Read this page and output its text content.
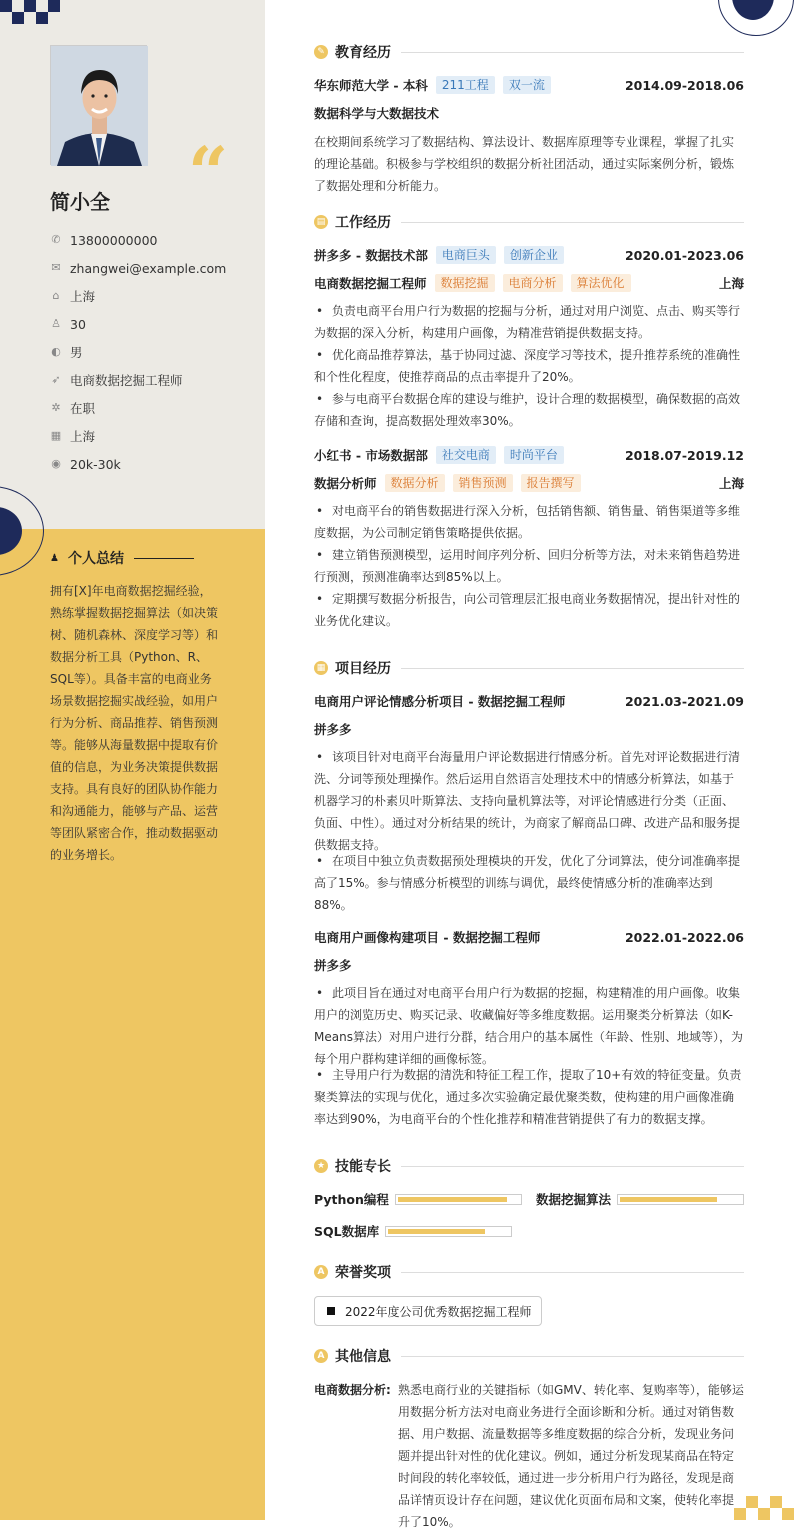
“
简小全
✆ 13800000000
✉ zhangwei@example.com
⌂ 上海
♙ 30
◐ 男
➶ 电商数据挖掘工程师
✲ 在职
▦ 上海
◉ 20k-30k
♟ 个人总结
拥有[X]年电商数据挖掘经验，熟练掌握数据挖掘算法（如决策树、随机森林、深度学习等）和数据分析工具（Python、R、SQL等）。具备丰富的电商业务场景数据挖掘实战经验，如用户行为分析、商品推荐、销售预测等。能够从海量数据中提取有价值的信息，为业务决策提供数据支持。具有良好的团队协作能力和沟通能力，能够与产品、运营等团队紧密合作，推动数据驱动的业务增长。
✎ 教育经历
华东师范大学 - 本科	211工程	双一流	2014.09-2018.06
数据科学与大数据技术
在校期间系统学习了数据结构、算法设计、数据库原理等专业课程，掌握了扎实的理论基础。积极参与学校组织的数据分析社团活动，通过实际案例分析，锻炼了数据处理和分析能力。
▤ 工作经历
拼多多 - 数据技术部	电商巨头	创新企业	2020.01-2023.06
电商数据挖掘工程师	数据挖掘	电商分析	算法优化	上海
• 负责电商平台用户行为数据的挖掘与分析，通过对用户浏览、点击、购买等行为数据的深入分析，构建用户画像，为精准营销提供数据支持。
• 优化商品推荐算法，基于协同过滤、深度学习等技术，提升推荐系统的准确性和个性化程度，使推荐商品的点击率提升了20%。
• 参与电商平台数据仓库的建设与维护，设计合理的数据模型，确保数据的高效存储和查询，提高数据处理效率30%。
小红书 - 市场数据部	社交电商	时尚平台	2018.07-2019.12
数据分析师	数据分析	销售预测	报告撰写	上海
• 对电商平台的销售数据进行深入分析，包括销售额、销售量、销售渠道等多维度数据，为公司制定销售策略提供依据。
• 建立销售预测模型，运用时间序列分析、回归分析等方法，对未来销售趋势进行预测，预测准确率达到85%以上。
• 定期撰写数据分析报告，向公司管理层汇报电商业务数据情况，提出针对性的业务优化建议。
▦ 项目经历
电商用户评论情感分析项目 - 数据挖掘工程师	2021.03-2021.09
拼多多
• 该项目针对电商平台海量用户评论数据进行情感分析。首先对评论数据进行清洗、分词等预处理操作。然后运用自然语言处理技术中的情感分析算法，如基于机器学习的朴素贝叶斯算法、支持向量机算法等，对评论情感进行分类（正面、负面、中性）。通过对分析结果的统计，为商家了解商品口碑、改进产品和服务提供数据支持。
• 在项目中独立负责数据预处理模块的开发，优化了分词算法，使分词准确率提高了15%。参与情感分析模型的训练与调优，最终使情感分析的准确率达到88%。
电商用户画像构建项目 - 数据挖掘工程师	2022.01-2022.06
拼多多
• 此项目旨在通过对电商平台用户行为数据的挖掘，构建精准的用户画像。收集用户的浏览历史、购买记录、收藏偏好等多维度数据。运用聚类分析算法（如K-Means算法）对用户进行分群，结合用户的基本属性（年龄、性别、地域等），为每个用户群构建详细的画像标签。
• 主导用户行为数据的清洗和特征工程工作，提取了10+有效的特征变量。负责聚类算法的实现与优化，通过多次实验确定最优聚类数，使构建的用户画像准确率达到90%，为电商平台的个性化推荐和精准营销提供了有力的数据支撑。
★ 技能专长
Python编程	数据挖掘算法
SQL数据库
A 荣誉奖项
2022年度公司优秀数据挖掘工程师
A 其他信息
电商数据分析: 熟悉电商行业的关键指标（如GMV、转化率、复购率等），能够运用数据分析方法对电商业务进行全面诊断和分析。通过对销售数据、用户数据、流量数据等多维度数据的综合分析，发现业务问题并提出针对性的优化建议。例如，通过分析发现某商品在特定时间段的转化率较低，通过进一步分析用户行为路径，发现是商品详情页设计存在问题，建议优化页面布局和文案，使转化率提升了10%。
